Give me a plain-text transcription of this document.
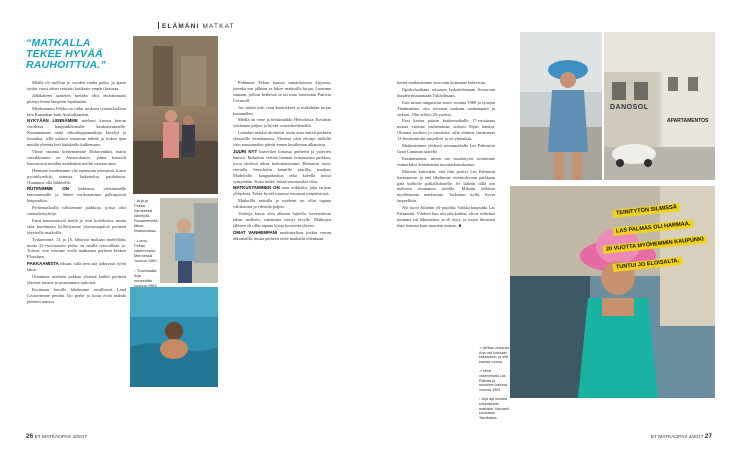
“MATKALLA TEKEE HYVÄÄ RAUHOITTUA.”
ELÄMÄNI MATKAT

Meillä oli tuolloin jo vuoden vanha poika, ja ajatin tyttärt vuosi sitten viettäisi kotikotie ympäri kuurtaa.

Jälkikäteen ajattelen meidän olisi ehdottomasti pitänyt lennä lämpöön lepäämään.

Myöhemmin Pekka on tullut mukaan työmatkoilleni niin Kanadaan kuin Australiaankin.

NYKYÄÄN LENNÄMME mieheni kanssa kerran vuodessa kaupunkilomalle kaukaisemmalle. Kumanumme näitä viikonloppumatkoja kävelyä ja lomailua, sillä valtava intomme nähdä ja kokea ajaa meidät yleensä heti kaikkialle kulkemaan.

Viime vuonna kohteinamme Dubrovnikin, marta suosikkimme on Amsterdamin, jonka kanavilt lumoutuvat meidän muidenkin meiltä vaastaa aina.

Haemme lomiltamme yhä enemmän tekemistä, kuten pyöräilyretkiä, uimista, laskettelua, patikointia. Osaamme olla liikkeellä.

RUTIINIMME ON laskeutua yleisimmälle lentoasemalle ja lähteä vuokraamaan polkupyörät kaupunkiin.

Perhematkoilla valitsemme paikkoja, joissa olisi suomalaistyttöjä.

Fantt kunnossatyöt meilä jo ovat koivikossa, mutta siitä huolimatta kyllästymme yksitoistapäivä perheen yhteiselle matkoille.

Tyttäremme, 14 ja 16, lähtevät mukaan mielellään, mutta 22-vuotiaaseen poika on omilla reissuillaan jo. Toivon, että voimme viedä matkastaa perheen kesken Floridaan.

PAKKAAMISTA teksan, sillä teen sitä jatkuvasti työni takia.

Osaamme mieheni pakkaa yleensä kaikki perheen yhteiset tavarat ja muistamme tarkoitat.

Kotimaan lomille lähdemme tavallisesti Land Cruiserimme perään. Iso perhe ja koira eivät mahdu pieneen autoon.

↑ Arja ja Pekka hämeessä kävelyllä, Rovaniemellä, lähes ilmakuvassa.
↑ Lomo, Pekan vasemmalla, Mennessä vuonna 1980.
↓ Thamsaala, Arja ennestään vuonna 1983.

Pidämme Pekan kanssa samanlaisista kirjoista, jotenka sen jälkeen se lukee matkoilla kirjaa. Luemme samaan, jolloin hetkessä se tai muu laisessaan Patricia Cornwell.

Jos säästä tule, otan kuulokkeet ja makuhdan kirjaa kuunnellen.

Meillä on vene ja keskimäikki Heinolassa. Kesäisin vietämme paljon ja hyvää veneretkeilemällä.

Lemakin matkat aloittavat usein aina eniten perheen yhteisölle heinäkuussa. Yleensä olen ehtinyt mökillä vain muutamakin päivät ennen kesäloman alkamista.

JUURI NYT haaveilen lomasta perheeni ja ystävien kanssa. Haluaisin viettää hieman erinomaista paikkaa, jossa yhdessä aikaa kartoittaisimme, Haluaisin myös vierailla Seeschelin kaunille saarilla, matkaa, Madeiralle, kauppakeskus sekä kävellä missä syntymään. Kuka tietää, missä seuraavaksi olen.

MATKUSTAMINEN ON aina seikkailu, joka tarjoaa yllätyksiä. Tekee hyvää irtautua totutusta ympäristöstä.

Matkoilla minulla ja mieheni on ollut tapana valokuvata ja vdeoida paljon.

Vanhoja kuvia olen alkanut lajitella, kavetentesta rahaa melkein, sutettuani vienyt levylle. Matkojen jälkeen oli ollut tapana koota koostetta yhteen.

OMAT VANHEMPANI matkustelivat jonkin verran ulkomailla, mutta perheen eiole matkailu ollenkaan.

heenä matkustimme aina vain kotimaan kohteisiin.

Opiskeluaikana reissasin laskettelemaan Arrenraan kuuden muutamaan Tukholmaan.

Kun minut rangaistiin ensin vuonna 1989 ja työajan Thaimaahan, otin reissuun mukaan vanhempani ja siskoni. Olin silloin 25-vuotias.

Ensi kertaa pääsin kaukomatkalle 17-vuotiaana minua vuotiaa vanhemman siskoni Eijan kanssa. Olimme tuolloin jo itsenäisiä, sillä olimme laadanneet 13-kesäisinä aiti taistelleet ja eri yhtäaikaa.

Matkustimme yhdessä seuramatkalle Las Palmasiin Gran Canarian saarelle.

Ensimmäinen, miten me maalaitytöt toimimme esimerkiksi lentokentän turvatarkastuksessa.

Muistan kuitenkin, että olin perityt Las Palmasin harmauteen ja että lähdimme eteentulevaan paikkaan pala kalliolle paikallishotelle. Se lähetin tällä sen mahtava muutamia tytöille. Mikään tällaista myöhemmin matkustaja. Tarkoitan kyllä, hyvin tarpeellista.

Nyt tuore Atlantin yli-puijolta. Vaikka kaupunki Las Palmasiin. Vihdoin kun sen että kaiken, olivat selkeästi tuomma vai lähiseudun, ja eli täyty, ja isojen ihmisten ihan harmaa kuin nuorteni muisto. ■

DANOSOL
APARTAMENTOS
TEINITYTÖN SILMISSÄ
LAS PALMAS OLI HARMAA,
20 VUOTTA MYÖHEMMIN KAUPUNKI
TUNTUI JO ELOISALTA.
↗ Afrikan-reissulla Arja osti kokoaan käsilaukun, ja sitä kantaa vuosia.
↗ Minä vasemmalla Las Palmas ja seurueen kanssa vuonna 1983.
↓ Arja aja uimalla toisenkerran matkalla. Vahvasti kuuluisaa Tamikassa.
26 ET MATKAOPAS 4/2017	ET MATKAOPAS 4/2017 27
